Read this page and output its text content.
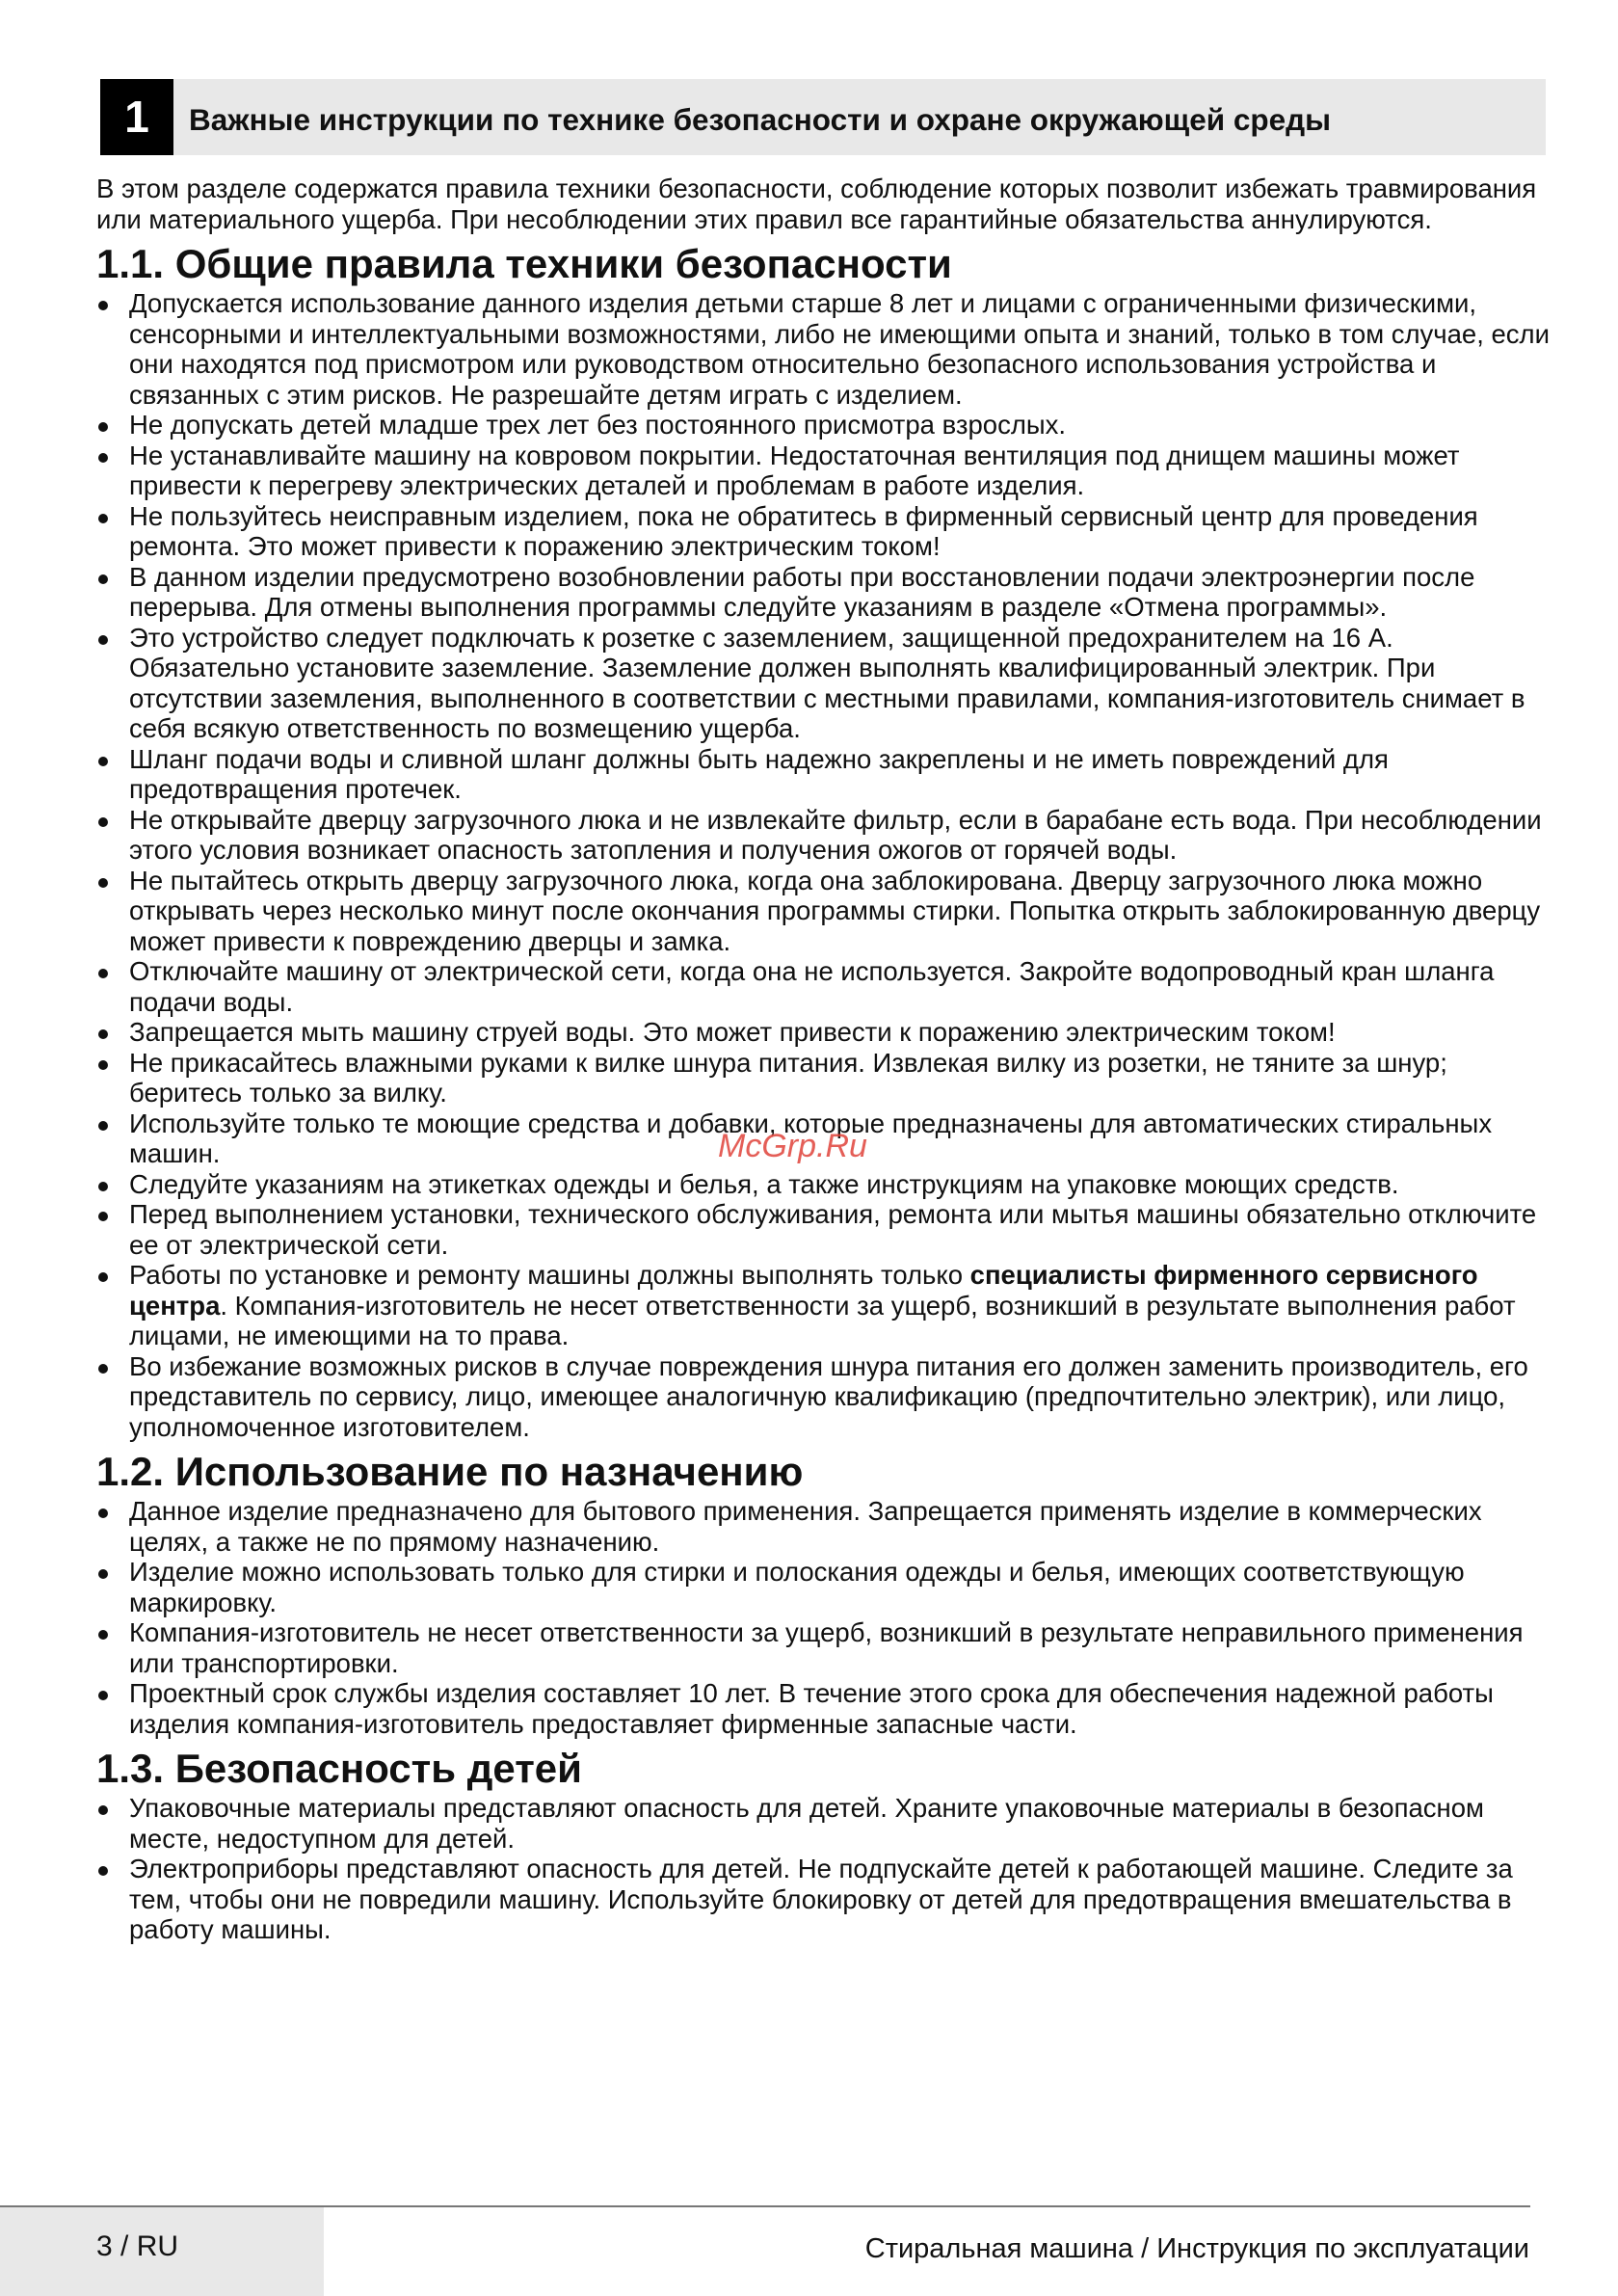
1	Важные инструкции по технике безопасности и охране окружающей среды

В этом разделе содержатся правила техники безопасности, соблюдение которых позволит избежать травмирования или материального ущерба. При несоблюдении этих правил все гарантийные обязательства аннулируются.

1.1. Общие правила техники безопасности
Допускается использование данного изделия детьми старше 8 лет и лицами с ограниченными физическими, сенсорными и интеллектуальными возможностями, либо не имеющими опыта и знаний, только в том случае, если они находятся под присмотром или руководством относительно безопасного использования устройства и связанных с этим рисков. Не разрешайте детям играть с изделием.
Не допускать детей младше трех лет без постоянного присмотра взрослых.
Не устанавливайте машину на ковровом покрытии. Недостаточная вентиляция под днищем машины может привести к перегреву электрических деталей и проблемам в работе изделия.
Не пользуйтесь неисправным изделием, пока не обратитесь в фирменный сервисный центр для проведения ремонта. Это может привести к поражению электрическим током!
В данном изделии предусмотрено возобновлении работы при восстановлении подачи электроэнергии после перерыва. Для отмены выполнения программы следуйте указаниям в разделе «Отмена программы».
Это устройство следует подключать к розетке с заземлением, защищенной предохранителем на 16 А. Обязательно установите заземление. Заземление должен выполнять квалифицированный электрик. При отсутствии заземления, выполненного в соответствии с местными правилами, компания-изготовитель снимает в себя всякую ответственность по возмещению ущерба.
Шланг подачи воды и сливной шланг должны быть надежно закреплены и не иметь повреждений для предотвращения протечек.
Не открывайте дверцу загрузочного люка и не извлекайте фильтр, если в барабане есть вода. При несоблюдении этого условия возникает опасность затопления и получения ожогов от горячей воды.
Не пытайтесь открыть дверцу загрузочного люка, когда она заблокирована. Дверцу загрузочного люка можно открывать через несколько минут после окончания программы стирки. Попытка открыть заблокированную дверцу может привести к повреждению дверцы и замка.
Отключайте машину от электрической сети, когда она не используется. Закройте водопроводный кран шланга подачи воды.
Запрещается мыть машину струей воды. Это может привести к поражению электрическим током!
Не прикасайтесь влажными руками к вилке шнура питания. Извлекая вилку из розетки, не тяните за шнур; беритесь только за вилку.
Используйте только те моющие средства и добавки, которые предназначены для автоматических стиральных машин.
Следуйте указаниям на этикетках одежды и белья, а также инструкциям на упаковке моющих средств.
Перед выполнением установки, технического обслуживания, ремонта или мытья машины обязательно отключите ее от электрической сети.
Работы по установке и ремонту машины должны выполнять только специалисты фирменного сервисного центра. Компания-изготовитель не несет ответственности за ущерб, возникший в результате выполнения работ лицами, не имеющими на то права.
Во избежание возможных рисков в случае повреждения шнура питания его должен заменить производитель, его представитель по сервису, лицо, имеющее аналогичную квалификацию (предпочтительно электрик), или лицо, уполномоченное изготовителем.
1.2. Использование по назначению
Данное изделие предназначено для бытового применения. Запрещается применять изделие в коммерческих целях, а также не по прямому назначению.
Изделие можно использовать только для стирки и полоскания одежды и белья, имеющих соответствующую маркировку.
Компания-изготовитель не несет ответственности за ущерб, возникший в результате неправильного применения или транспортировки.
Проектный срок службы изделия составляет 10 лет. В течение этого срока для обеспечения надежной работы изделия компания-изготовитель предоставляет фирменные запасные части.
1.3. Безопасность детей
Упаковочные материалы представляют опасность для детей. Храните упаковочные материалы в безопасном месте, недоступном для детей.
Электроприборы представляют опасность для детей. Не подпускайте детей к работающей машине. Следите за тем, чтобы они не повредили машину. Используйте блокировку от детей для предотвращения вмешательства в работу машины.
McGrp.Ru
3 / RU	Стиральная машина / Инструкция по эксплуатации
